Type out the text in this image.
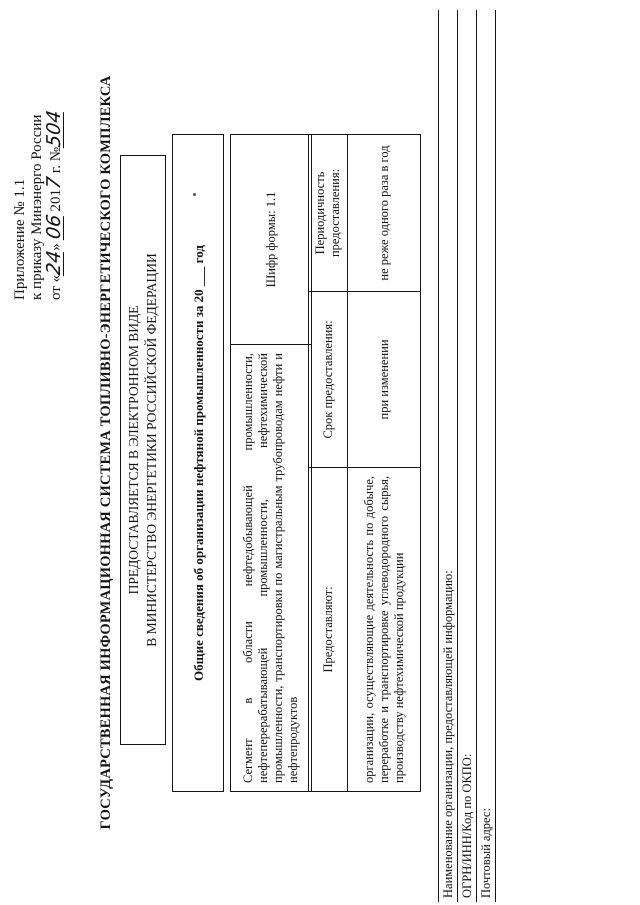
Приложение № 1.1 к приказу Минэнерго России от «24» 06 2017 г. №504 ГОСУДАРСТВЕННАЯ ИНФОРМАЦИОННАЯ СИСТЕМА ТОПЛИВНО-ЭНЕРГЕТИЧЕСКОГО КОМПЛЕКСА ПРЕДОСТАВЛЯЕТСЯ В ЭЛЕКТРОННОМ ВИДЕ В МИНИСТЕРСТВО ЭНЕРГЕТИКИ РОССИЙСКОЙ ФЕДЕРАЦИИ	Общие сведения об организации нефтяной промышленности за 20 ___ год	Сегмент в области нефтедобывающей промышленности, нефтеперерабатывающей промышленности, нефтехимической промышленности, транспортировки по магистральным трубопроводам нефти и нефтепродуктов	Шифр формы: 1.1
Предоставляют:	Срок предоставления:	Периодичность предоставления:
организации, осуществляющие деятельность по добыче, переработке и транспортировке углеводородного сырья, производству нефтехимической продукции	при изменении	не реже одного раза в год
Наименование организации, предоставляющей информацию: ОГРН/ИНН/Код по ОКПО: Почтовый адрес:
